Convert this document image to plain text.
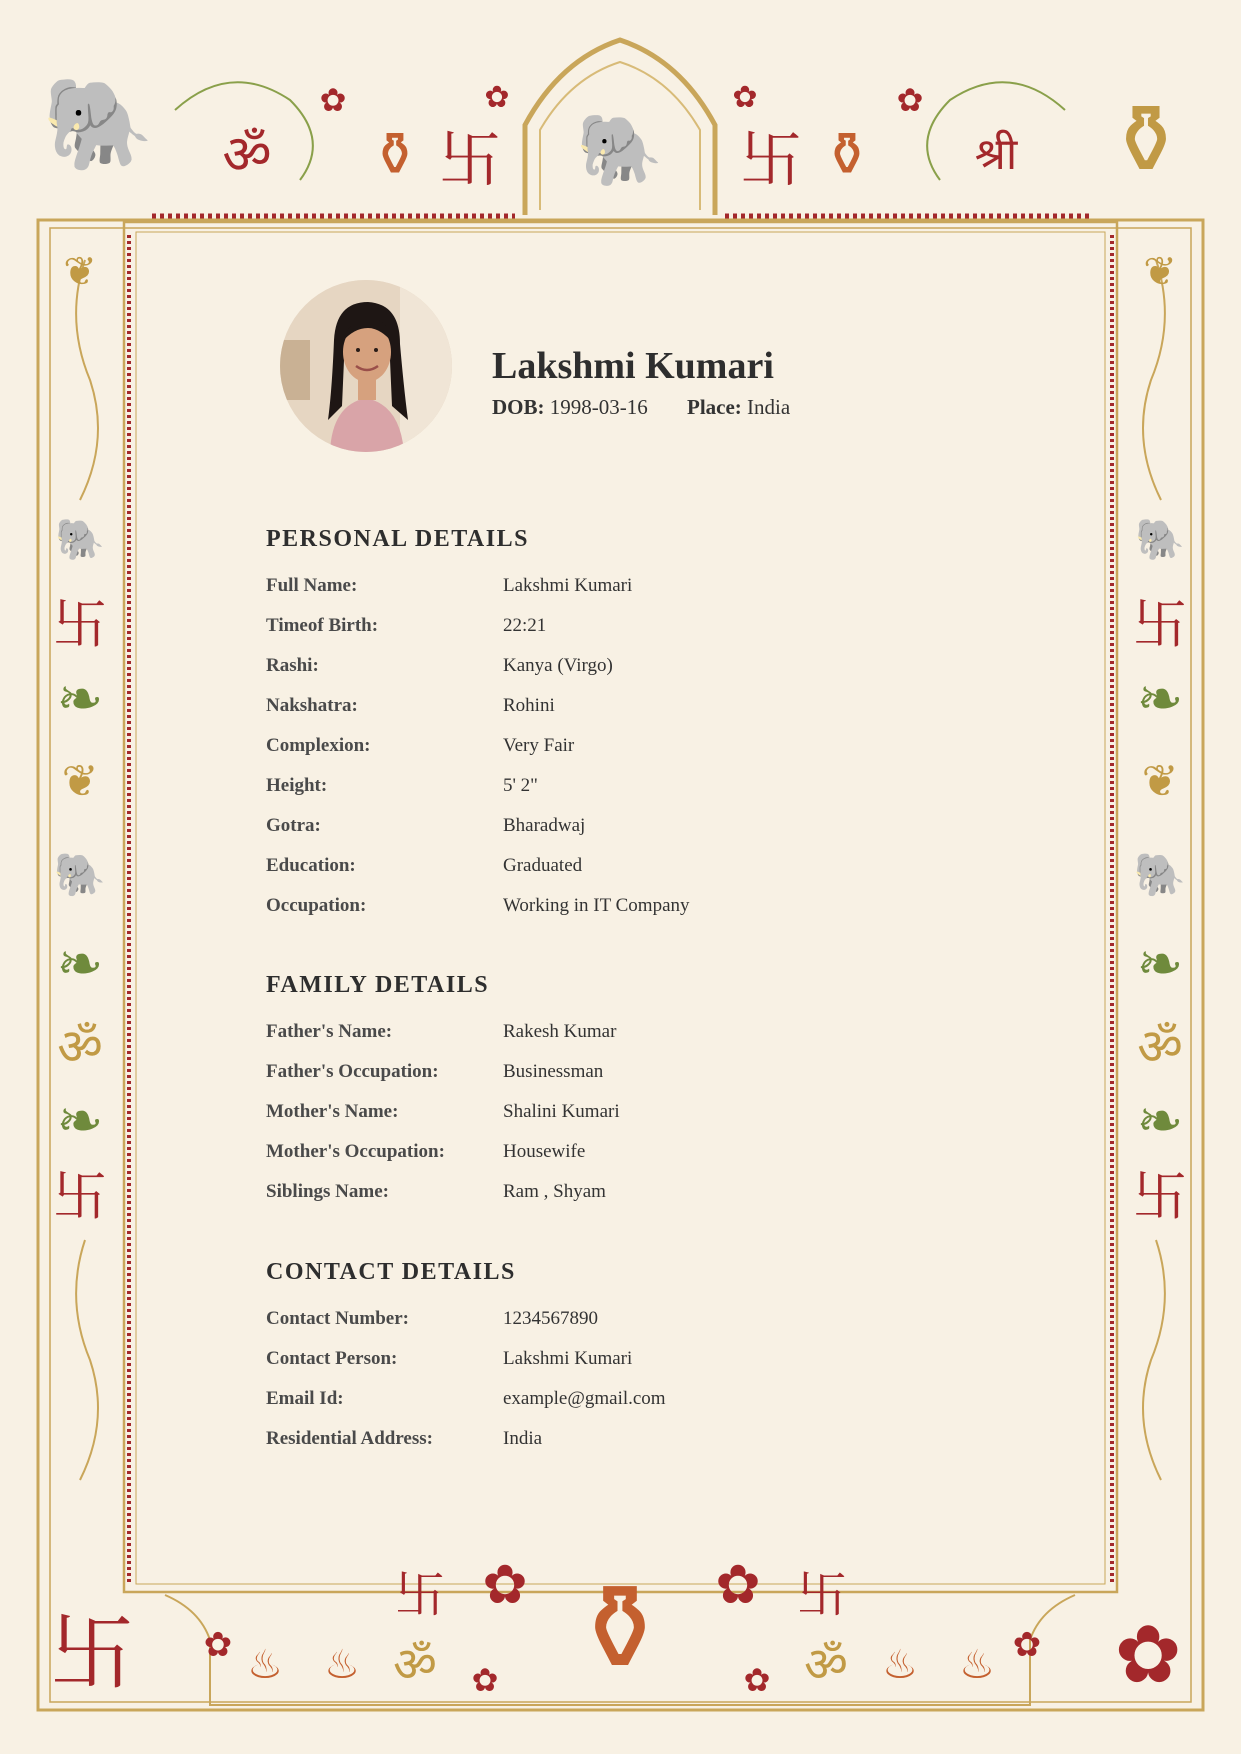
🐘 ॐ
✿
⚱ 卐
✿
🐘
✿
卐 ⚱
✿
श्री ⚱
❦
🐘
卐
❧
❦
🐘
❧
ॐ
❧
卐
❦
🐘
卐
❧
❦
🐘
❧
ॐ
❧
卐
卐 ✿ ♨ ♨ ॐ
卐 ✿
✿ ⚱ ✿
✿
卐
ॐ ♨ ♨ ✿ ✿
Lakshmi Kumari
DOB: 1998-03-16 Place: India
PERSONAL DETAILS
Full Name:	Lakshmi Kumari
Timeof Birth:	22:21
Rashi:	Kanya (Virgo)
Nakshatra:	Rohini
Complexion:	Very Fair
Height:	5' 2"
Gotra:	Bharadwaj
Education:	Graduated
Occupation:	Working in IT Company
FAMILY DETAILS
Father's Name:	Rakesh Kumar
Father's Occupation:	Businessman
Mother's Name:	Shalini Kumari
Mother's Occupation:	Housewife
Siblings Name:	Ram , Shyam
CONTACT DETAILS
Contact Number:	1234567890
Contact Person:	Lakshmi Kumari
Email Id:	example@gmail.com
Residential Address:	India
